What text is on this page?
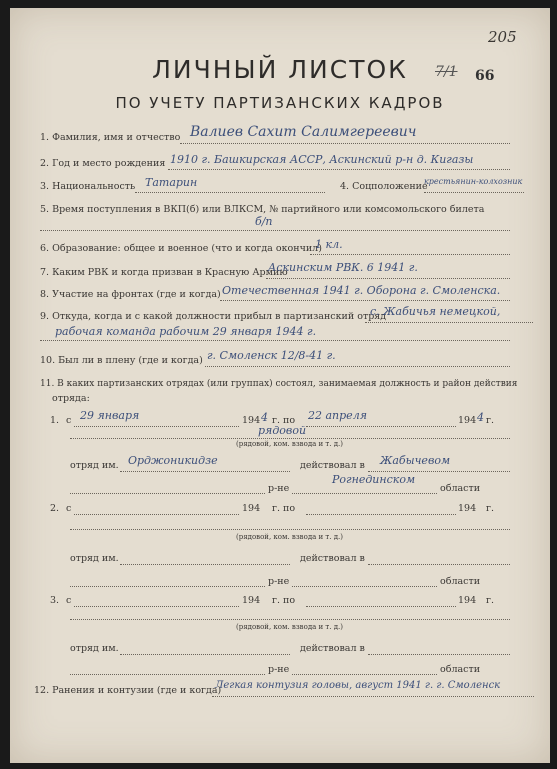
205
7/1 66
ЛИЧНЫЙ ЛИСТОК
ПО УЧЕТУ ПАРТИЗАНСКИХ КАДРОВ
1. Фамилия, имя и отчество Валиев Сахит Салимгереевич
2. Год и место рождения 1910 г. Башкирская АССР, Аскинский р-н д. Кигазы
3. Национальность Татарин	4. Соцположение
крестьянин-колхозник
5. Время поступления в ВКП(б) или ВЛКСМ, № партийного или комсомольского билета
б/п
6. Образование: общее и военное (что и когда окончил)
1 кл.
7. Каким РВК и когда призван в Красную Армию
Аскинским РВК. 6 1941 г.
8. Участие на фронтах (где и когда) Отечественная 1941 г. Оборона г. Смоленска.
9. Откуда, когда и с какой должности прибыл в партизанский отряд
с. Жабичья немецкой,
рабочая команда рабочим 29 января 1944 г.
10. Был ли в плену (где и когда) г. Смоленск 12/8-41 г.
11. В каких партизанских отрядах (или группах) состоял, занимаемая должность и район действия
отряда:
1. с 29 января	194 4 г. по 22 апреля	194 4 г.
рядовой
(рядовой, ком. взвода и т. д.)
отряд им. Орджоникидзе	действовал в Жабычевом
Рогнединском
р-не	области
2. с	194 г. по	194 г.
(рядовой, ком. взвода и т. д.)
отряд им.	действовал в
р-не	области
3. с	194 г. по	194 г.
(рядовой, ком. взвода и т. д.)
отряд им.	действовал в
р-не	области
12. Ранения и контузии (где и когда)
Легкая контузия головы, август 1941 г. г. Смоленск
